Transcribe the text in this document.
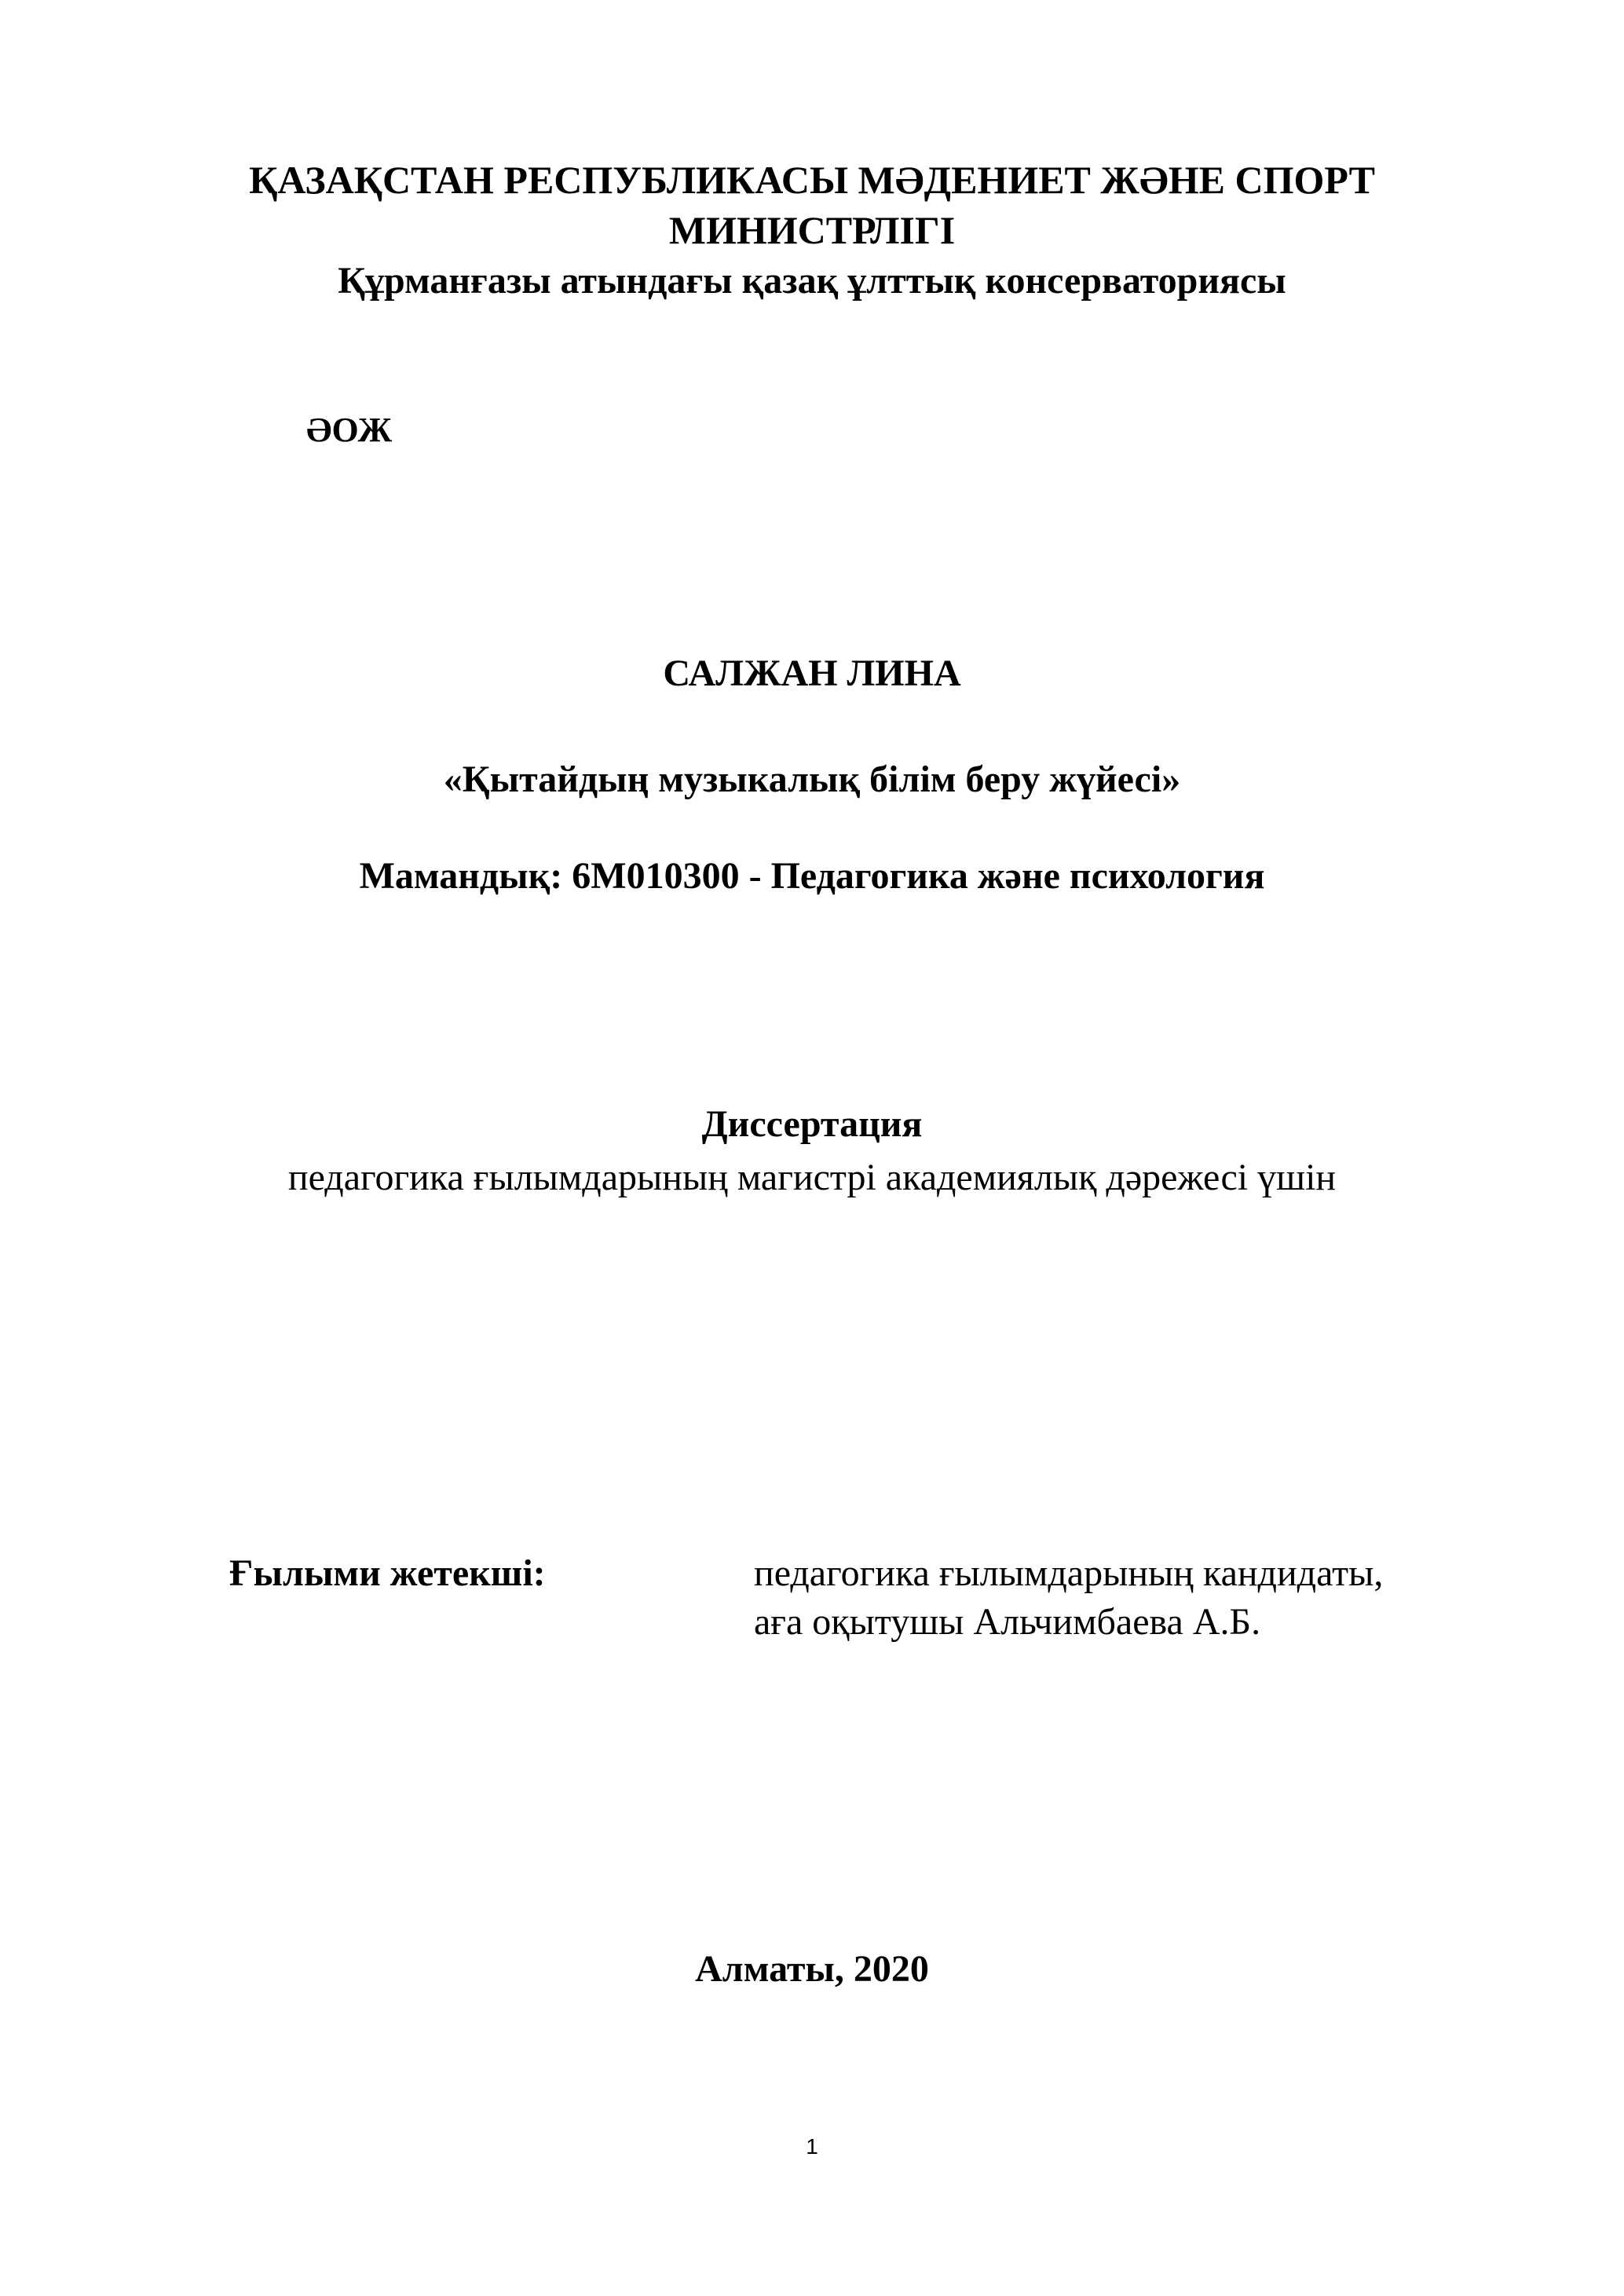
ҚАЗАҚСТАН РЕСПУБЛИКАСЫ МӘДЕНИЕТ ЖӘНЕ СПОРТ
МИНИСТРЛІГІ
Құрманғазы атындағы қазақ ұлттық консерваториясы
ӘОЖ
САЛЖАН ЛИНА
«Қытайдың музыкалық білім беру жүйесі»
Мамандық: 6М010300 - Педагогика және психология
Диссертация
педагогика ғылымдарының магистрі академиялық дәрежесі үшін
Ғылыми жетекші:	педагогика ғылымдарының кандидаты,
аға оқытушы Альчимбаева А.Б.
Алматы, 2020
1
